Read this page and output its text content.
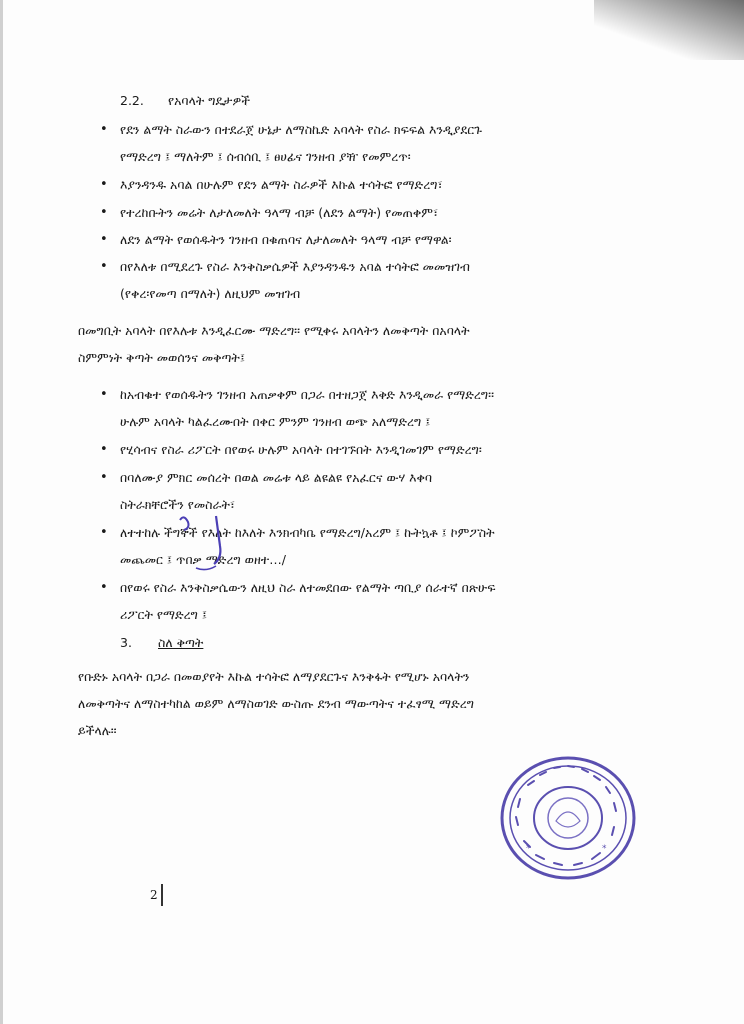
2.2. የአባላት ግዴታዎች
• የደን ልማት ስራውን በተደራጀ ሁኔታ ለማስኬድ አባላት የስራ ክፍፍል እንዲያደርጉ
የማድረግ ፤ ማለትም ፤ ሰብሰቢ ፤ ፀሀፊና ገንዘብ ያዥ የመምረጥ፡
• እያንዳንዱ አባል በሁሉም የደን ልማት ስራዎች እኩል ተሳትፎ የማድረግ፣
• የተረከቡትን መሬት ለታለመለት ዓላማ ብቻ (ለደን ልማት) የመጠቀም፣
• ለደን ልማት የወሰዱትን ገንዘብ በቁጠባና ለታለመለት ዓላማ ብቻ የማዋል፡
• በየእለቱ በሚደረጉ የስራ እንቅስቃሴዎች እያንዳንዱን አባል ተሳትፎ መመዝገብ
(የቀረ፡የመጣ በማለት) ለዚህም መዝገብ
በመግቢት አባላት በየእሉቱ እንዲፈርሙ ማድረግ፡፡ የሚቀሩ አባላትን ለመቅጣት በአባላት
ስምምነት ቅጣት መወሰንና መቅጣት፤
• ከአብቁተ የወሰዱትን ገንዘብ አጠቃቀም በጋራ በተዘጋጀ እቅድ እንዲመራ የማድረግ፡፡
ሁሉም አባላት ካልፈረሙበት በቀር ምንም ገንዘብ ወጭ አለማድረግ ፤
• የሂሳብና የስራ ሪፖርት በየወሩ ሁሉም አባላት በተገኙበት እንዲገመገም የማድረግ፡
• በባለሙያ ምክር መሰረት በወል መሬቱ ላይ ልዩልዩ የአፈርና ውሃ እቀባ
ስትራክቸሮችን የመስራት፣
• ለተተከሉ ችግኞች የእለት ከእለት እንክብካቤ የማድረግ/አረም ፤ ኩትኳቶ ፤ ኮምፖስት
መጨመር ፤ ጥበቃ ማድረግ ወዘተ…/
• በየወሩ የስራ እንቅስቃሴውን ለዚህ ስራ ለተመደበው የልማት ጣቢያ ሰራተኛ በጽሁፍ
ሪፖርት የማድረግ ፤
3. ስለ ቅጣት
የቡድኑ አባላት በጋራ በመወያየት እኩል ተሳትፎ ለማያደርጉና እንቅፋት የሚሆኑ አባላትን
ለመቅጣትና ለማስተካከል ወይም ለማስወገድ ውስጡ ደንብ ማውጣትና ተፈፃሚ ማድረግ
ይችላሉ፡፡
*
*
2
